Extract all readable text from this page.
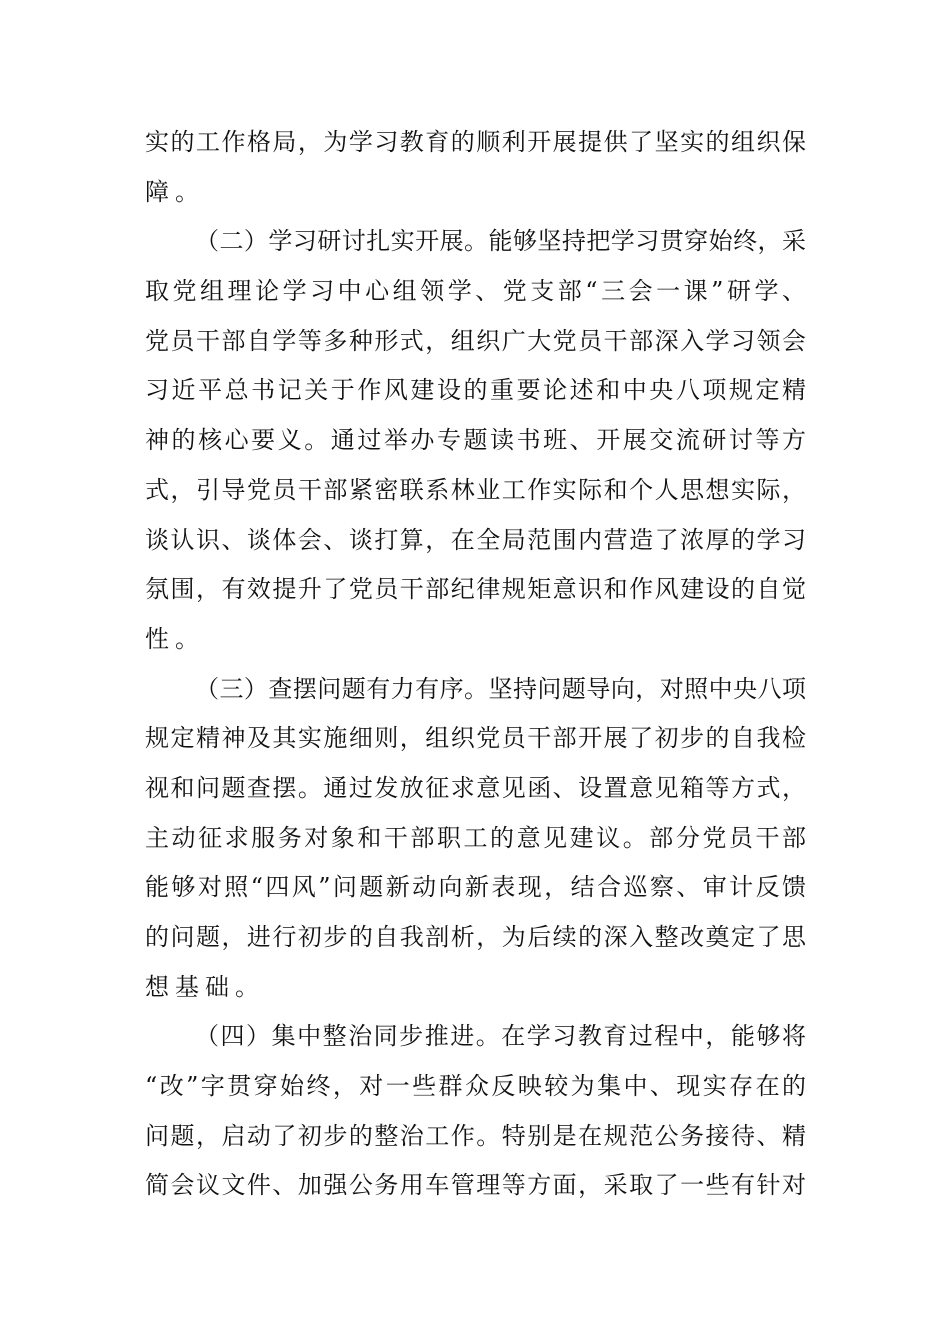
实的工作格局，为学习教育的顺利开展提供了坚实的组织保
障。
（二）学习研讨扎实开展。能够坚持把学习贯穿始终，采
取党组理论学习中心组领学、党支部“三会一课”研学、
党员干部自学等多种形式，组织广大党员干部深入学习领会
习近平总书记关于作风建设的重要论述和中央八项规定精
神的核心要义。通过举办专题读书班、开展交流研讨等方
式，引导党员干部紧密联系林业工作实际和个人思想实际，
谈认识、谈体会、谈打算，在全局范围内营造了浓厚的学习
氛围，有效提升了党员干部纪律规矩意识和作风建设的自觉
性。
（三）查摆问题有力有序。坚持问题导向，对照中央八项
规定精神及其实施细则，组织党员干部开展了初步的自我检
视和问题查摆。通过发放征求意见函、设置意见箱等方式，
主动征求服务对象和干部职工的意见建议。部分党员干部
能够对照“四风”问题新动向新表现，结合巡察、审计反馈
的问题，进行初步的自我剖析，为后续的深入整改奠定了思
想基础。
（四）集中整治同步推进。在学习教育过程中，能够将
“改”字贯穿始终，对一些群众反映较为集中、现实存在的
问题，启动了初步的整治工作。特别是在规范公务接待、精
简会议文件、加强公务用车管理等方面，采取了一些有针对
